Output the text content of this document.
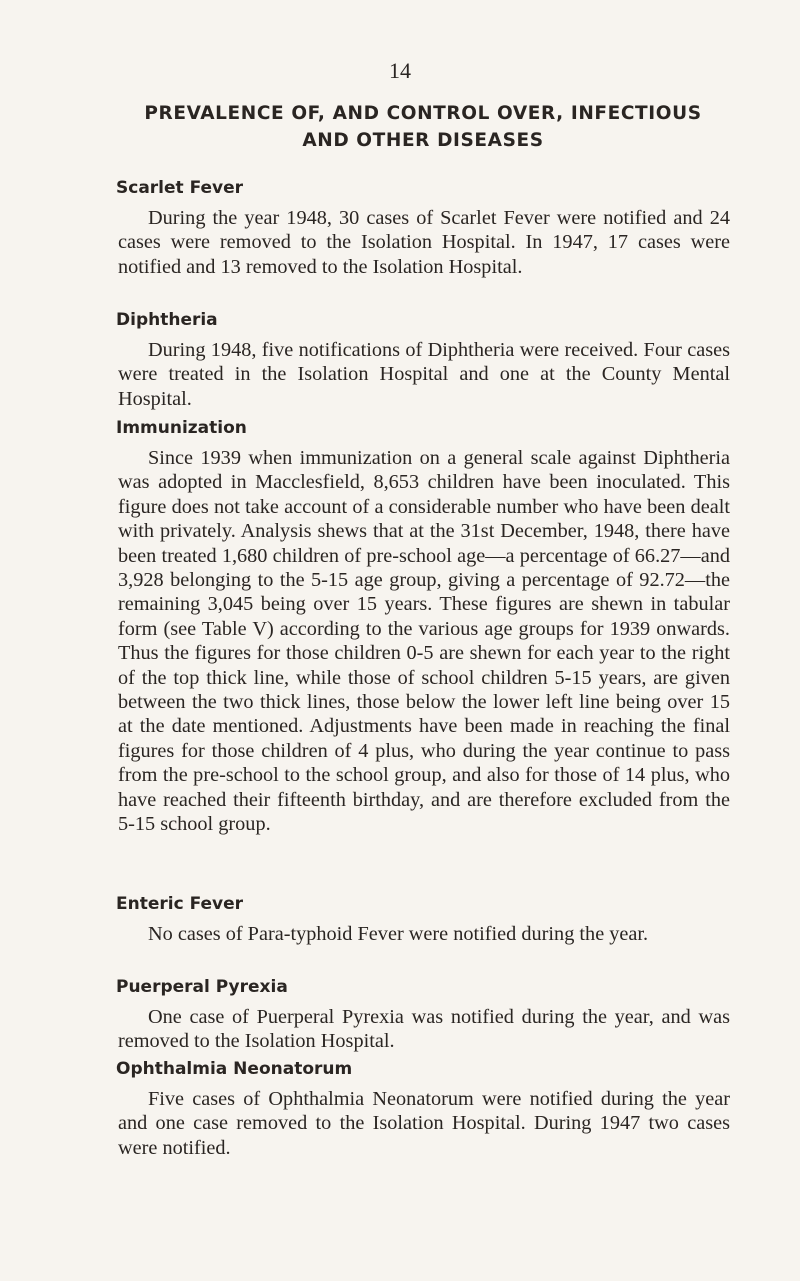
14
PREVALENCE OF, AND CONTROL OVER, INFECTIOUS
AND OTHER DISEASES
Scarlet Fever

During the year 1948, 30 cases of Scarlet Fever were notified and 24 cases were removed to the Isolation Hospital. In 1947, 17 cases were notified and 13 removed to the Isolation Hospital.

Diphtheria

During 1948, five notifications of Diphtheria were received. Four cases were treated in the Isolation Hospital and one at the County Mental Hospital.

Immunization

Since 1939 when immunization on a general scale against Diphtheria was adopted in Macclesfield, 8,653 children have been inoculated. This figure does not take account of a considerable number who have been dealt with privately. Analysis shews that at the 31st December, 1948, there have been treated 1,680 children of pre-school age—a percentage of 66.27—and 3,928 belonging to the 5-15 age group, giving a percentage of 92.72—the remaining 3,045 being over 15 years. These figures are shewn in tabular form (see Table V) according to the various age groups for 1939 onwards. Thus the figures for those children 0-5 are shewn for each year to the right of the top thick line, while those of school children 5-15 years, are given between the two thick lines, those below the lower left line being over 15 at the date mentioned. Adjustments have been made in reaching the final figures for those children of 4 plus, who during the year continue to pass from the pre-school to the school group, and also for those of 14 plus, who have reached their fifteenth birthday, and are therefore excluded from the 5-15 school group.

Enteric Fever

No cases of Para-typhoid Fever were notified during the year.

Puerperal Pyrexia

One case of Puerperal Pyrexia was notified during the year, and was removed to the Isolation Hospital.

Ophthalmia Neonatorum

Five cases of Ophthalmia Neonatorum were notified during the year and one case removed to the Isolation Hospital. During 1947 two cases were notified.
